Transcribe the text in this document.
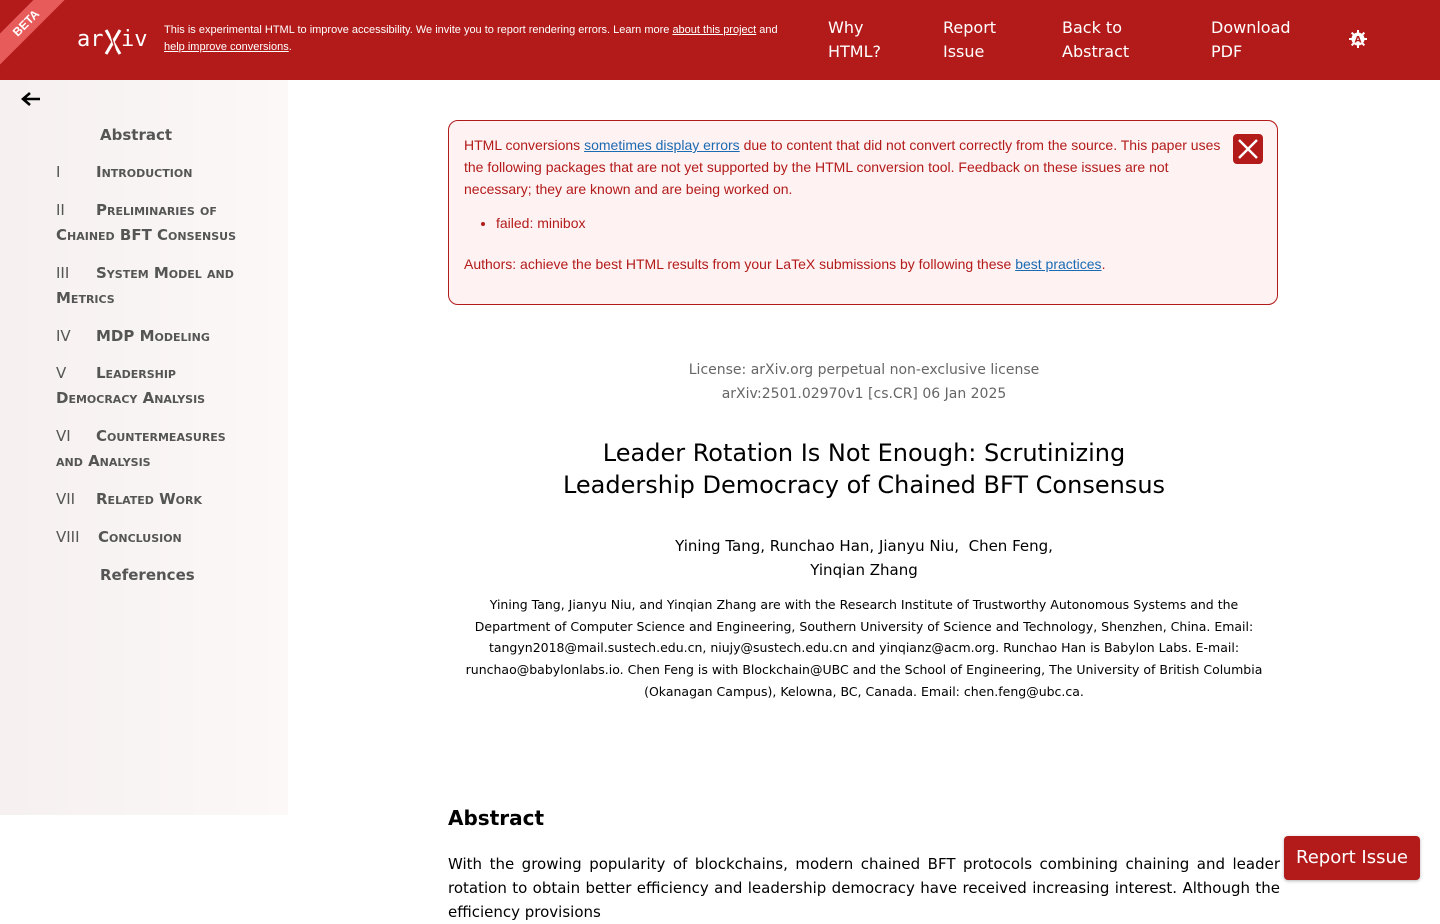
BETA
ar iv This is experimental HTML to improve accessibility. We invite you to report rendering errors. Learn more about this project and
help improve conversions.
Why HTML?
Report Issue
Back to Abstract
Download PDF
A
Abstract
I Introduction
II Preliminaries of Chained BFT Consensus
III System Model and Metrics
IV MDP Modeling
V Leadership Democracy Analysis
VI Countermeasures and Analysis
VII Related Work
VIII Conclusion
References

HTML conversions sometimes display errors due to content that did not convert correctly from the source. This paper uses the following packages that are not yet supported by the HTML conversion tool. Feedback on these issues are not necessary; they are known and are being worked on.

• failed: minibox

Authors: achieve the best HTML results from your LaTeX submissions by following these best practices.

License: arXiv.org perpetual non-exclusive license
arXiv:2501.02970v1 [cs.CR] 06 Jan 2025
Leader Rotation Is Not Enough: Scrutinizing
Leadership Democracy of Chained BFT Consensus
Yining Tang, Runchao Han, Jianyu Niu,  Chen Feng,
Yinqian Zhang
Yining Tang, Jianyu Niu, and Yinqian Zhang are with the Research Institute of Trustworthy Autonomous Systems and the Department of Computer Science and Engineering, Southern University of Science and Technology, Shenzhen, China. Email: tangyn2018@mail.sustech.edu.cn, niujy@sustech.edu.cn and yinqianz@acm.org. Runchao Han is Babylon Labs. E-mail: runchao@babylonlabs.io. Chen Feng is with Blockchain@UBC and the School of Engineering, The University of British Columbia (Okanagan Campus), Kelowna, BC, Canada. Email: chen.feng@ubc.ca.
Abstract
With the growing popularity of blockchains, modern chained BFT protocols combining chaining and leader rotation to obtain better efficiency and leadership democracy have received increasing interest. Although the efficiency provisions
Report Issue
